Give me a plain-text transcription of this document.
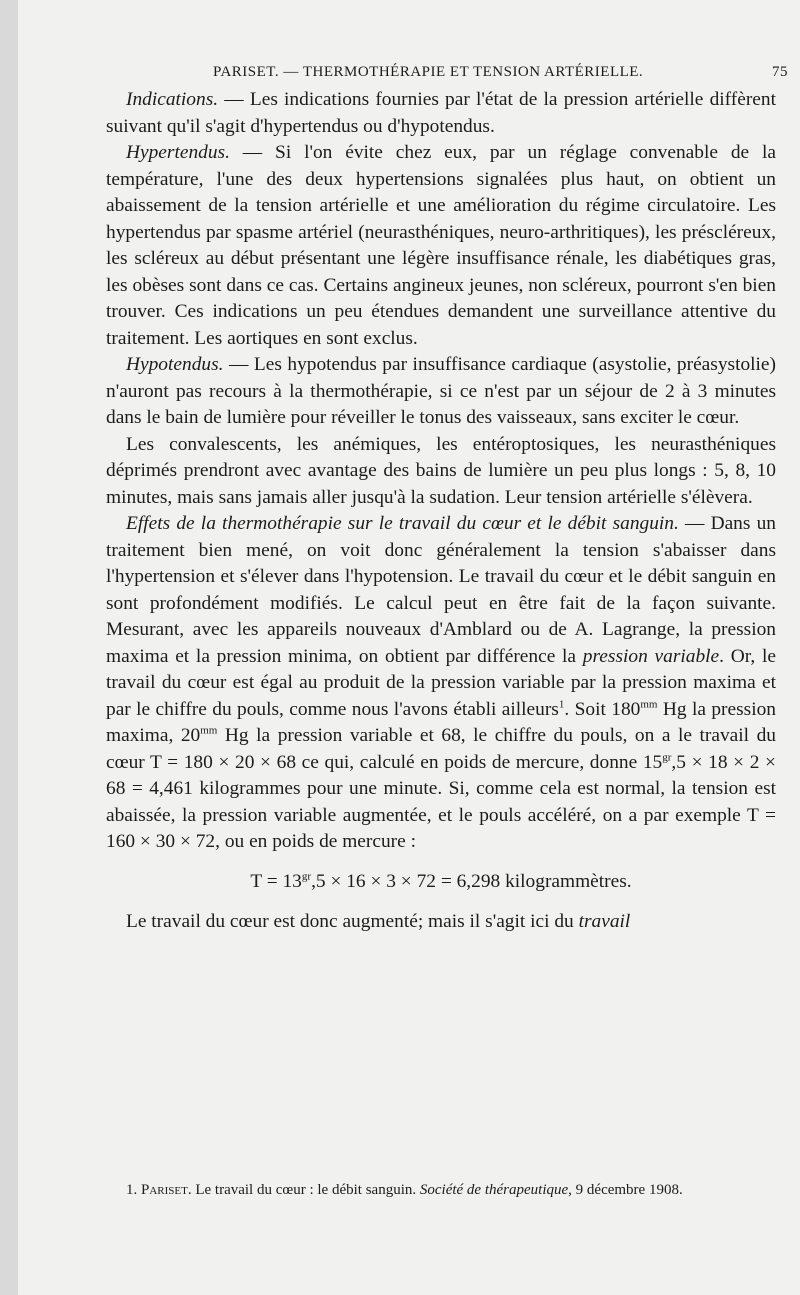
PARISET. — THERMOTHÉRAPIE ET TENSION ARTÉRIELLE.	75

Indications. — Les indications fournies par l'état de la pression artérielle diffèrent suivant qu'il s'agit d'hypertendus ou d'hypotendus.

Hypertendus. — Si l'on évite chez eux, par un réglage convenable de la température, l'une des deux hypertensions signalées plus haut, on obtient un abaissement de la tension artérielle et une amélioration du régime circulatoire. Les hypertendus par spasme artériel (neurasthéniques, neuro-arthritiques), les préscléreux, les scléreux au début présentant une légère insuffisance rénale, les diabétiques gras, les obèses sont dans ce cas. Certains angineux jeunes, non scléreux, pourront s'en bien trouver. Ces indications un peu étendues demandent une surveillance attentive du traitement. Les aortiques en sont exclus.

Hypotendus. — Les hypotendus par insuffisance cardiaque (asystolie, préasystolie) n'auront pas recours à la thermothérapie, si ce n'est par un séjour de 2 à 3 minutes dans le bain de lumière pour réveiller le tonus des vaisseaux, sans exciter le cœur.

Les convalescents, les anémiques, les entéroptosiques, les neurasthéniques déprimés prendront avec avantage des bains de lumière un peu plus longs : 5, 8, 10 minutes, mais sans jamais aller jusqu'à la sudation. Leur tension artérielle s'élèvera.

Effets de la thermothérapie sur le travail du cœur et le débit sanguin. — Dans un traitement bien mené, on voit donc généralement la tension s'abaisser dans l'hypertension et s'élever dans l'hypotension. Le travail du cœur et le débit sanguin en sont profondément modifiés. Le calcul peut en être fait de la façon suivante. Mesurant, avec les appareils nouveaux d'Amblard ou de A. Lagrange, la pression maxima et la pression minima, on obtient par différence la pression variable. Or, le travail du cœur est égal au produit de la pression variable par la pression maxima et par le chiffre du pouls, comme nous l'avons établi ailleurs$^1$. Soit $180^{mm}$ Hg la pression maxima, $20^{mm}$ Hg la pression variable et 68, le chiffre du pouls, on a le travail du cœur T = 180 × 20 × 68 ce qui, calculé en poids de mercure, donne $15^{gr},5 \times 18 \times 2 \times 68 = 4,461$ kilogrammes pour une minute. Si, comme cela est normal, la tension est abaissée, la pression variable augmentée, et le pouls accéléré, on a par exemple T = 160 × 30 × 72, ou en poids de mercure :

$T = 13^{gr},5 \times 16 \times 3 \times 72 = 6,298$ kilogrammètres.

Le travail du cœur est donc augmenté; mais il s'agit ici du travail

1. Pariset. Le travail du cœur : le débit sanguin. Société de thérapeutique, 9 décembre 1908.
